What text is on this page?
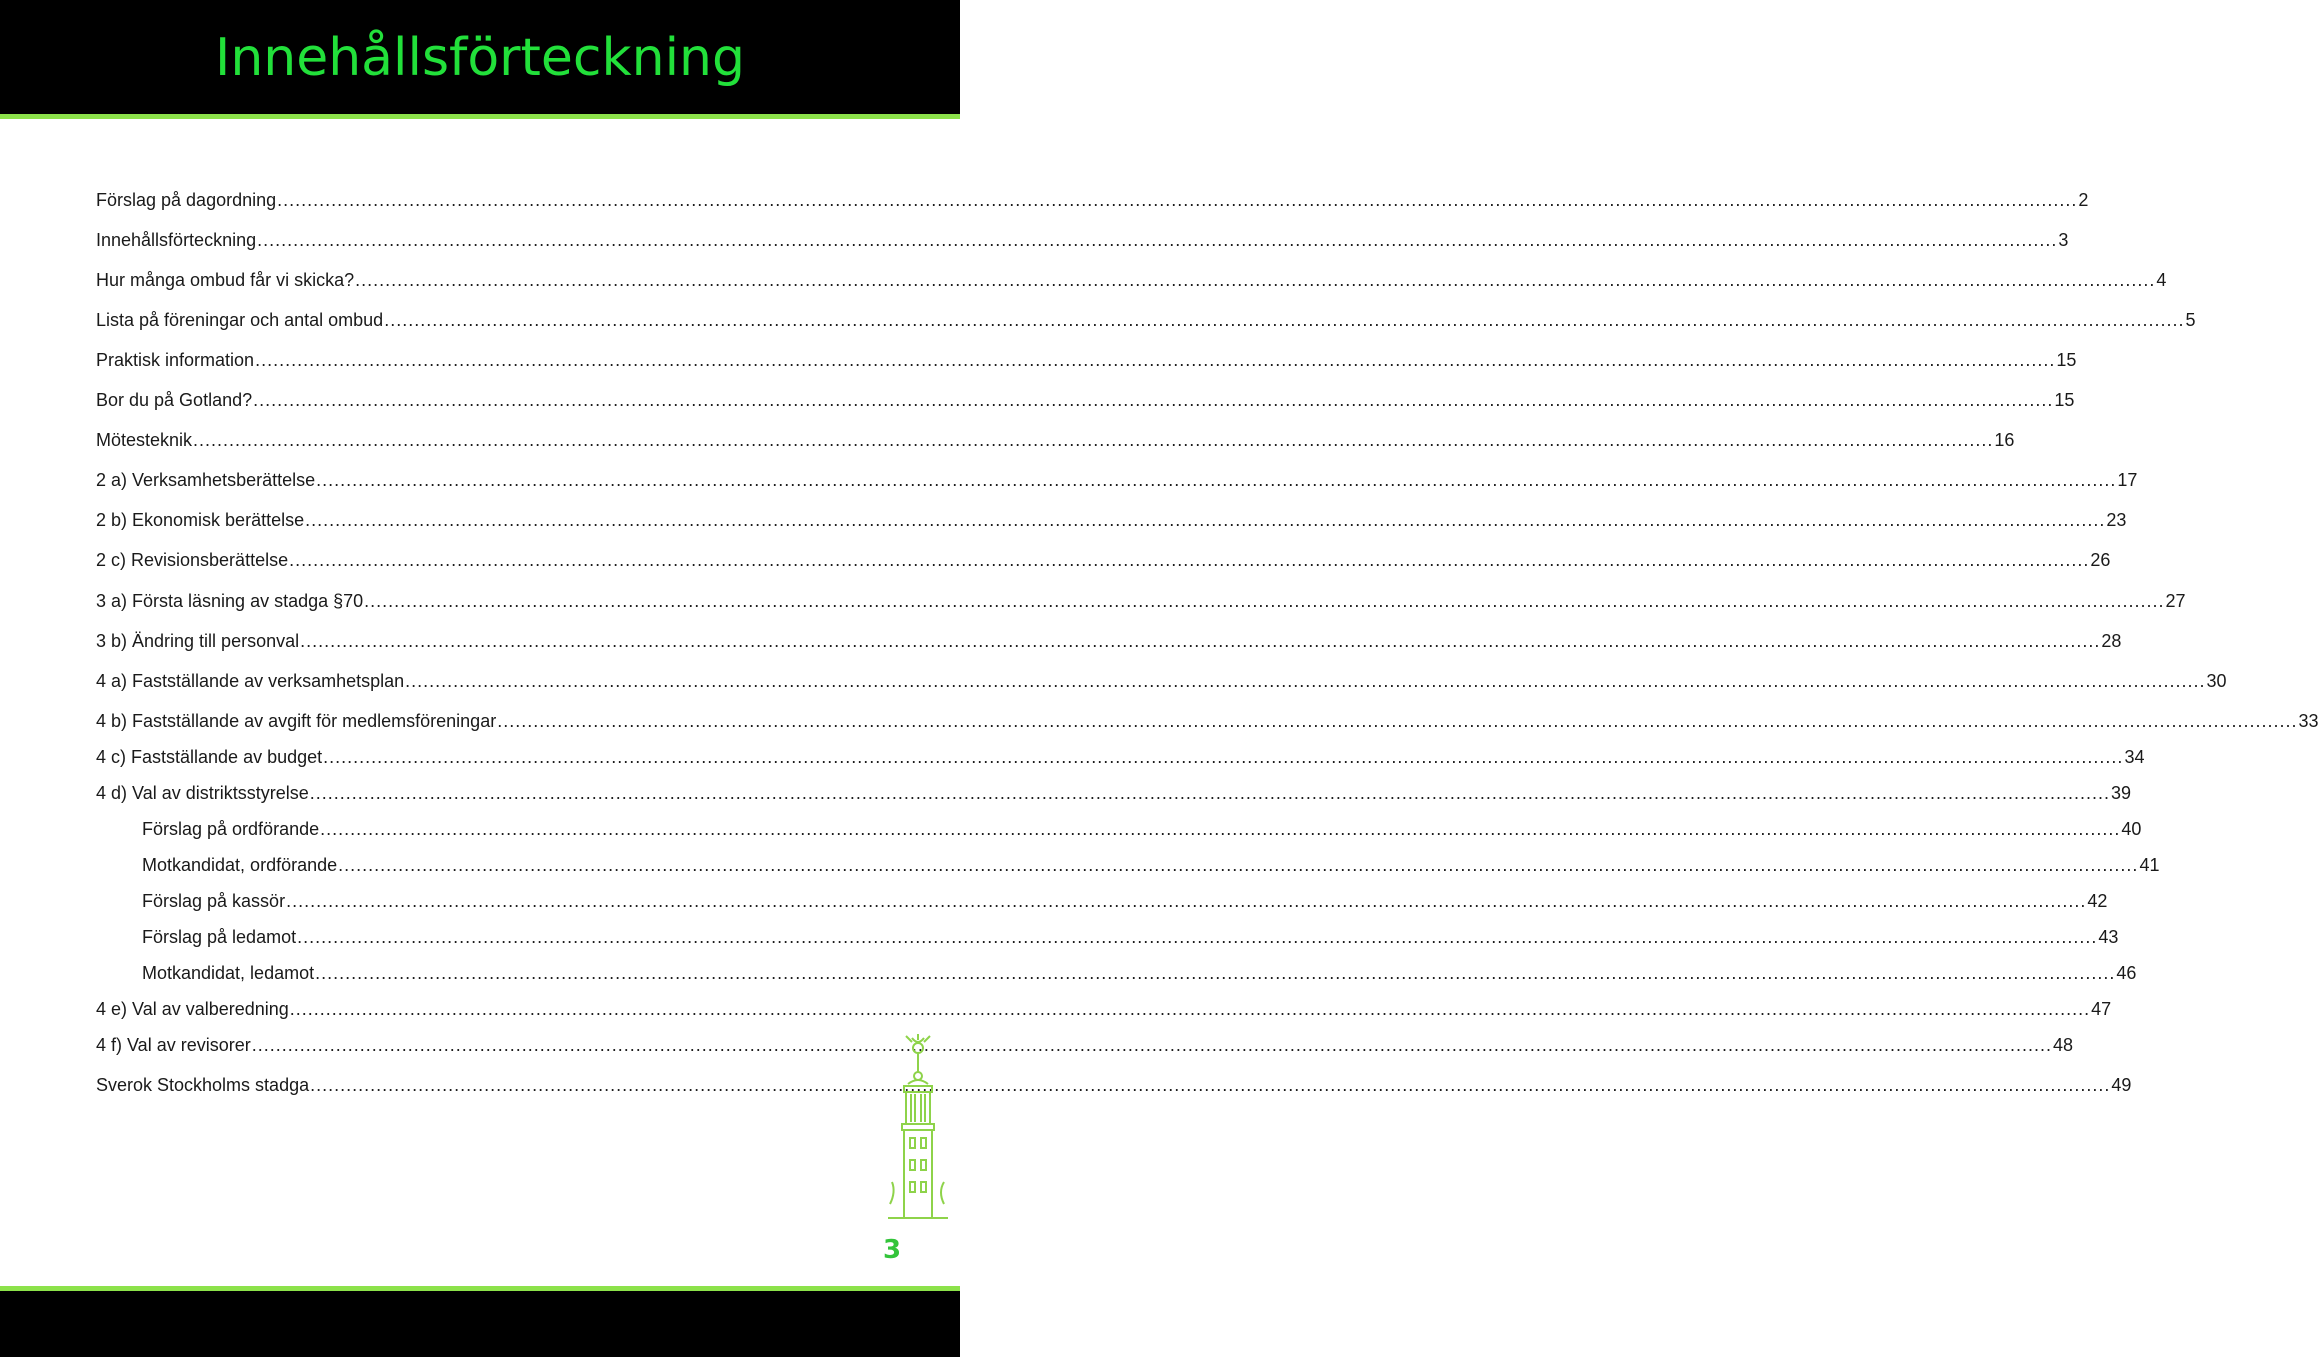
Innehållsförteckning
Förslag på dagordning ............................................................................................................................................................................................................................................................................................................ 2
Innehållsförteckning ............................................................................................................................................................................................................................................................................................................ 3
Hur många ombud får vi skicka? ............................................................................................................................................................................................................................................................................................................ 4
Lista på föreningar och antal ombud ............................................................................................................................................................................................................................................................................................................ 5
Praktisk information ............................................................................................................................................................................................................................................................................................................ 15
Bor du på Gotland? ............................................................................................................................................................................................................................................................................................................ 15
Mötesteknik ............................................................................................................................................................................................................................................................................................................ 16
2 a) Verksamhetsberättelse ............................................................................................................................................................................................................................................................................................................ 17
2 b) Ekonomisk berättelse ............................................................................................................................................................................................................................................................................................................ 23
2 c) Revisionsberättelse ............................................................................................................................................................................................................................................................................................................ 26
3 a) Första läsning av stadga §70 ............................................................................................................................................................................................................................................................................................................ 27
3 b) Ändring till personval ............................................................................................................................................................................................................................................................................................................ 28
4 a) Fastställande av verksamhetsplan ............................................................................................................................................................................................................................................................................................................ 30
4 b) Fastställande av avgift för medlemsföreningar ............................................................................................................................................................................................................................................................................................................ 33
4 c) Fastställande av budget ............................................................................................................................................................................................................................................................................................................ 34
4 d) Val av distriktsstyrelse ............................................................................................................................................................................................................................................................................................................ 39
Förslag på ordförande ............................................................................................................................................................................................................................................................................................................ 40
Motkandidat, ordförande ............................................................................................................................................................................................................................................................................................................ 41
Förslag på kassör ............................................................................................................................................................................................................................................................................................................ 42
Förslag på ledamot ............................................................................................................................................................................................................................................................................................................ 43
Motkandidat, ledamot ............................................................................................................................................................................................................................................................................................................ 46
4 e) Val av valberedning ............................................................................................................................................................................................................................................................................................................ 47
4 f) Val av revisorer ............................................................................................................................................................................................................................................................................................................ 48
Sverok Stockholms stadga ............................................................................................................................................................................................................................................................................................................ 49
3
